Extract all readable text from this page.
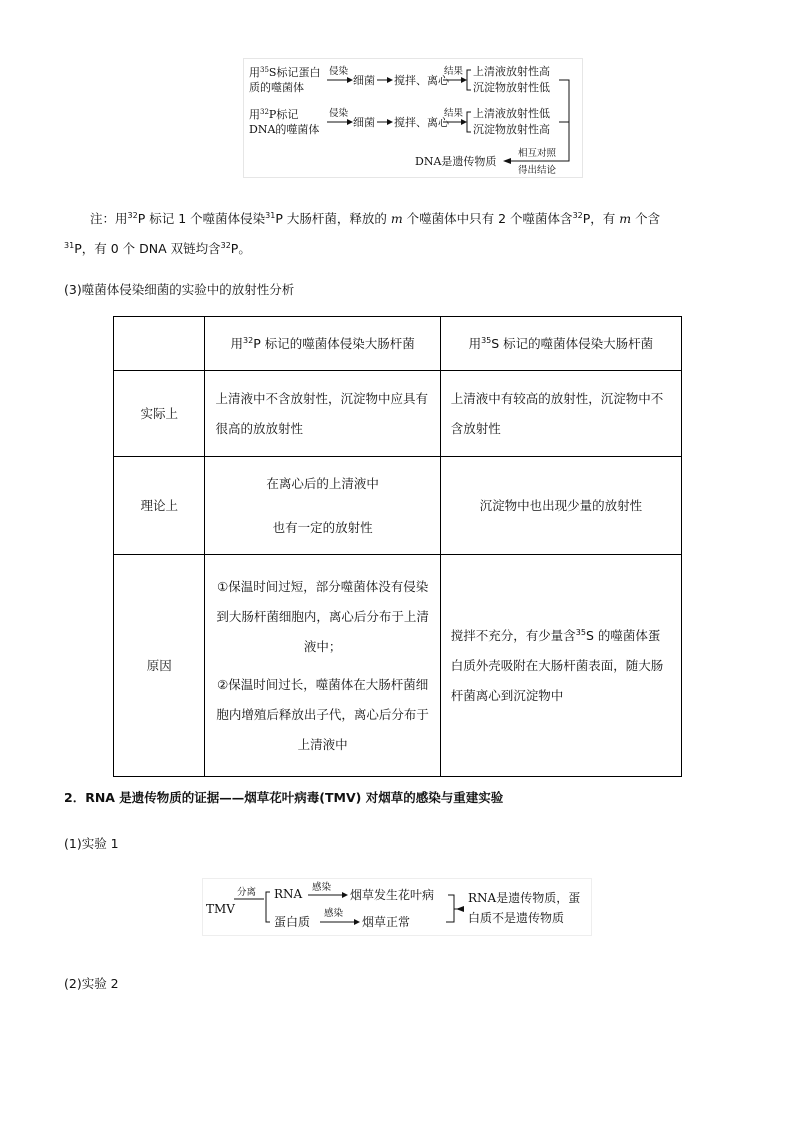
用$^{35}$S标记蛋白
质的噬菌体
侵染
细菌 搅拌、离心
结果 上清液放射性高
沉淀物放射性低
用$^{32}$P标记
DNA的噬菌体
侵染
细菌 搅拌、离心
结果 上清液放射性低
沉淀物放射性高
相互对照
得出结论
DNA是遗传物质
注：用$^{32}$P 标记 1 个噬菌体侵染$^{31}$P 大肠杆菌，释放的 m 个噬菌体中只有 2 个噬菌体含$^{32}$P，有 m 个含
$^{31}$P，有 0 个 DNA 双链均含$^{32}$P。
(3)噬菌体侵染细菌的实验中的放射性分析
	用$^{32}$P 标记的噬菌体侵染大肠杆菌	用$^{35}$S 标记的噬菌体侵染大肠杆菌
实际上	上清液中不含放射性，沉淀物中应具有很高的放放射性	上清液中有较高的放射性，沉淀物中不含放射性
理论上	在离心后的上清液中
也有一定的放射性	沉淀物中也出现少量的放射性
原因	①保温时间过短，部分噬菌体没有侵染到大肠杆菌细胞内，离心后分布于上清液中；
②保温时间过长，噬菌体在大肠杆菌细胞内增殖后释放出子代，离心后分布于上清液中	搅拌不充分，有少量含$^{35}$S 的噬菌体蛋白质外壳吸附在大肠杆菌表面，随大肠杆菌离心到沉淀物中
2．RNA 是遗传物质的证据——烟草花叶病毒(TMV) 对烟草的感染与重建实验
(1)实验 1
TMV
分离 RNA 感染
烟草发生花叶病
蛋白质
感染
烟草正常
RNA是遗传物质，蛋
白质不是遗传物质
(2)实验 2
